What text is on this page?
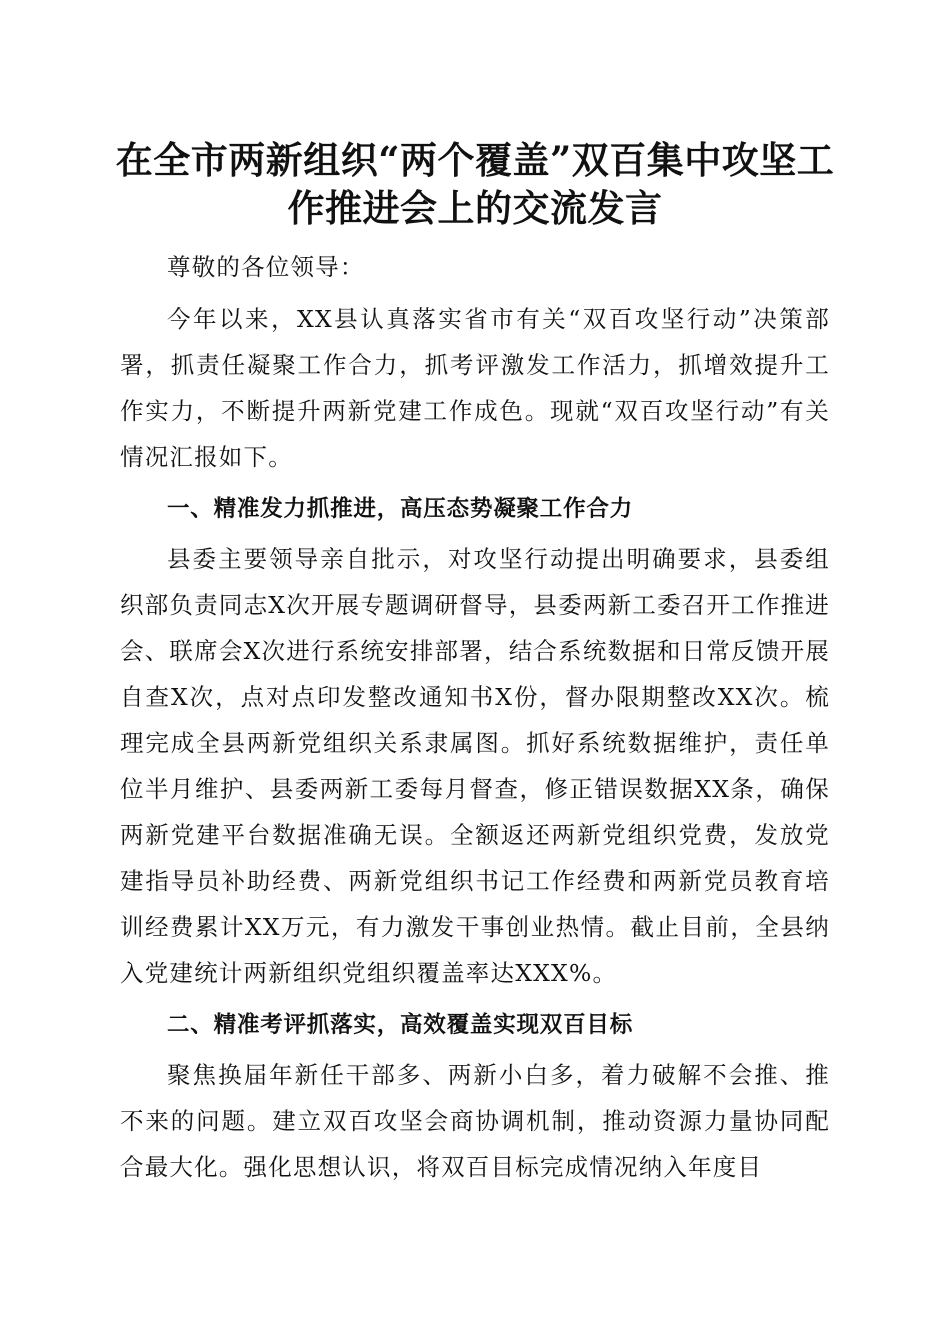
在全市两新组织“两个覆盖”双百集中攻坚工作推进会上的交流发言

尊敬的各位领导：

今年以来，XX县认真落实省市有关“双百攻坚行动”决策部署，抓责任凝聚工作合力，抓考评激发工作活力，抓增效提升工作实力，不断提升两新党建工作成色。现就“双百攻坚行动”有关情况汇报如下。

一、精准发力抓推进，高压态势凝聚工作合力

县委主要领导亲自批示，对攻坚行动提出明确要求，县委组织部负责同志X次开展专题调研督导，县委两新工委召开工作推进会、联席会X次进行系统安排部署，结合系统数据和日常反馈开展自查X次，点对点印发整改通知书X份，督办限期整改XX次。梳理完成全县两新党组织关系隶属图。抓好系统数据维护，责任单位半月维护、县委两新工委每月督查，修正错误数据XX条，确保两新党建平台数据准确无误。全额返还两新党组织党费，发放党建指导员补助经费、两新党组织书记工作经费和两新党员教育培训经费累计XX万元，有力激发干事创业热情。截止目前，全县纳入党建统计两新组织党组织覆盖率达XXX%。

二、精准考评抓落实，高效覆盖实现双百目标

聚焦换届年新任干部多、两新小白多，着力破解不会推、推不来的问题。建立双百攻坚会商协调机制，推动资源力量协同配合最大化。强化思想认识，将双百目标完成情况纳入年度目
